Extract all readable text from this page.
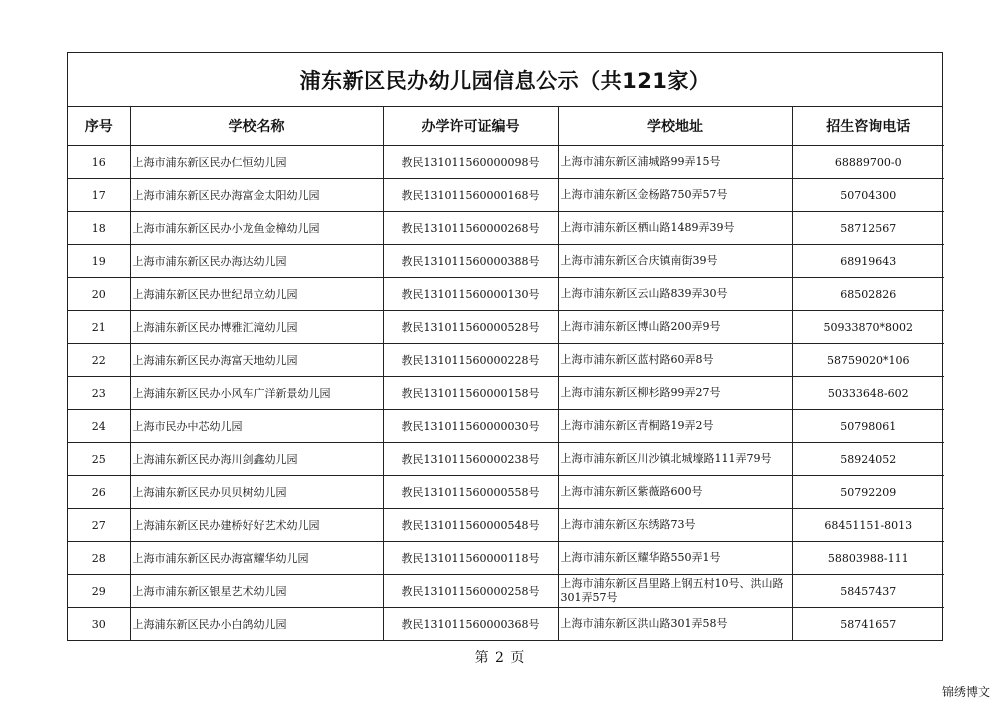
浦东新区民办幼儿园信息公示（共121家）
序号	学校名称	办学许可证编号	学校地址	招生咨询电话
16	上海市浦东新区民办仁恒幼儿园	教民131011560000098号	上海市浦东新区浦城路99弄15号	68889700-0
17	上海市浦东新区民办海富金太阳幼儿园	教民131011560000168号	上海市浦东新区金杨路750弄57号	50704300
18	上海市浦东新区民办小龙鱼金樟幼儿园	教民131011560000268号	上海市浦东新区栖山路1489弄39号	58712567
19	上海市浦东新区民办海达幼儿园	教民131011560000388号	上海市浦东新区合庆镇南街39号	68919643
20	上海浦东新区民办世纪昂立幼儿园	教民131011560000130号	上海市浦东新区云山路839弄30号	68502826
21	上海浦东新区民办博雅汇滝幼儿园	教民131011560000528号	上海市浦东新区博山路200弄9号	50933870*8002
22	上海浦东新区民办海富天地幼儿园	教民131011560000228号	上海市浦东新区蓝村路60弄8号	58759020*106
23	上海浦东新区民办小风车广洋新景幼儿园	教民131011560000158号	上海市浦东新区柳杉路99弄27号	50333648-602
24	上海市民办中芯幼儿园	教民131011560000030号	上海市浦东新区青桐路19弄2号	50798061
25	上海浦东新区民办海川剑鑫幼儿园	教民131011560000238号	上海市浦东新区川沙镇北城壕路111弄79号	58924052
26	上海浦东新区民办贝贝树幼儿园	教民131011560000558号	上海市浦东新区紫薇路600号	50792209
27	上海浦东新区民办建桥好好艺术幼儿园	教民131011560000548号	上海市浦东新区东绣路73号	68451151-8013
28	上海市浦东新区民办海富耀华幼儿园	教民131011560000118号	上海市浦东新区耀华路550弄1号	58803988-111
29	上海市浦东新区银星艺术幼儿园	教民131011560000258号	上海市浦东新区昌里路上钢五村10号、洪山路301弄57号	58457437
30	上海浦东新区民办小白鸽幼儿园	教民131011560000368号	上海市浦东新区洪山路301弄58号	58741657
第 2 页
锦绣博文
